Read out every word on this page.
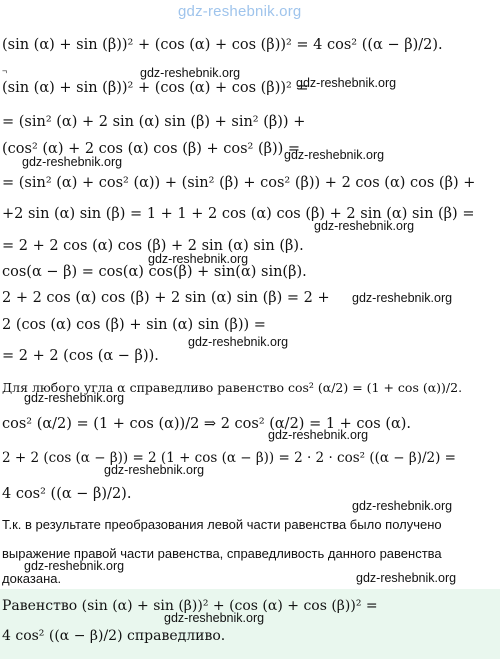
gdz-reshebnik.org
(sin (α) + sin (β))² + (cos (α) + cos (β))² = 4 cos² ((α − β)/2).
¬
(sin (α) + sin (β))² + (cos (α) + cos (β))² =
= (sin² (α) + 2 sin (α) sin (β) + sin² (β)) +
(cos² (α) + 2 cos (α) cos (β) + cos² (β)) =
= (sin² (α) + cos² (α)) + (sin² (β) + cos² (β)) + 2 cos (α) cos (β) +
+2 sin (α) sin (β) = 1 + 1 + 2 cos (α) cos (β) + 2 sin (α) sin (β) =
= 2 + 2 cos (α) cos (β) + 2 sin (α) sin (β).
cos(α − β) = cos(α) cos(β) + sin(α) sin(β).
2 + 2 cos (α) cos (β) + 2 sin (α) sin (β) = 2 +
2 (cos (α) cos (β) + sin (α) sin (β)) =
= 2 + 2 (cos (α − β)).
Для любого угла α справедливо равенство cos² (α/2) = (1 + cos (α))/2.
cos² (α/2) = (1 + cos (α))/2 ⇒ 2 cos² (α/2) = 1 + cos (α).
2 + 2 (cos (α − β)) = 2 (1 + cos (α − β)) = 2 · 2 · cos² ((α − β)/2) =
4 cos² ((α − β)/2).
Т.к. в результате преобразования левой части равенства было получено
выражение правой части равенства, справедливость данного равенства
доказана.
Равенство (sin (α) + sin (β))² + (cos (α) + cos (β))² =
4 cos² ((α − β)/2) справедливо.
gdz-reshebnik.org
gdz-reshebnik.org
gdz-reshebnik.org
gdz-reshebnik.org
gdz-reshebnik.org
gdz-reshebnik.org
gdz-reshebnik.org
gdz-reshebnik.org
gdz-reshebnik.org
gdz-reshebnik.org
gdz-reshebnik.org
gdz-reshebnik.org
gdz-reshebnik.org
gdz-reshebnik.org
gdz-reshebnik.org
